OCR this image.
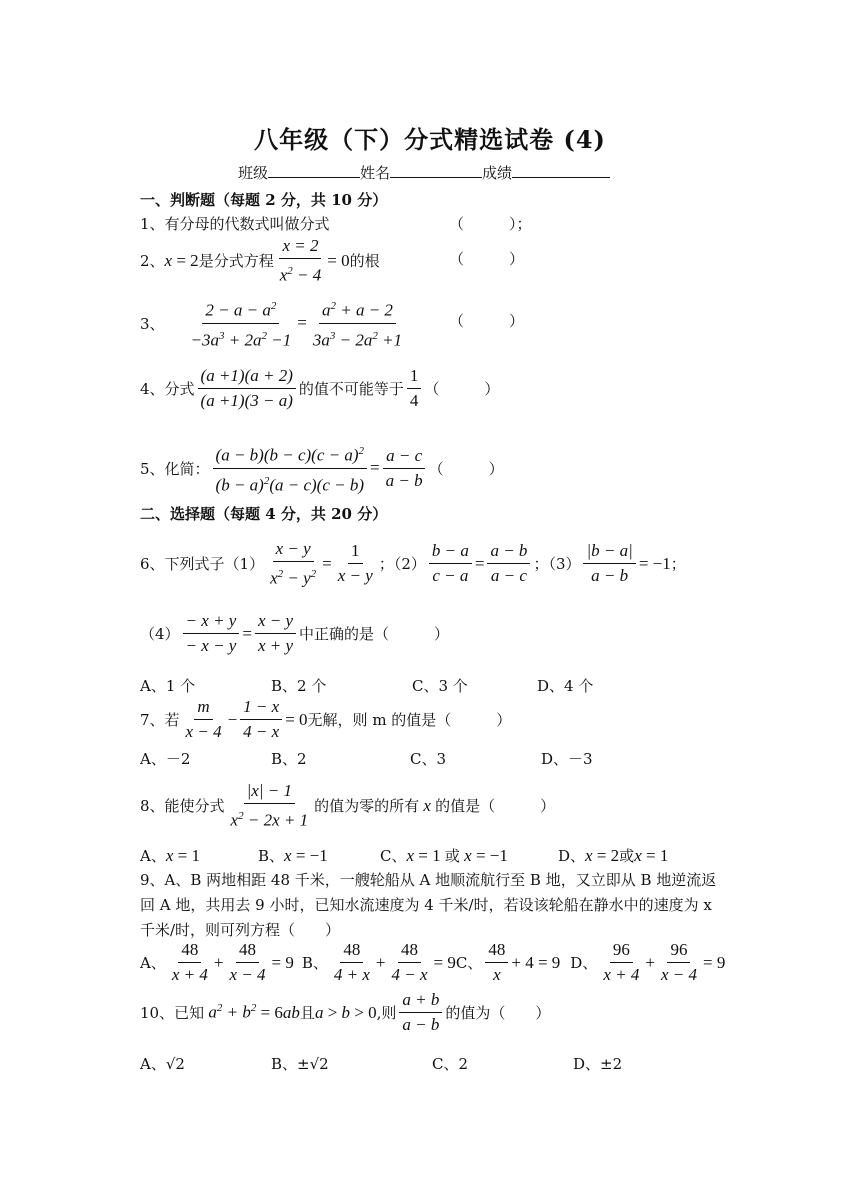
八年级（下）分式精选试卷 (4)
班级	姓名	成绩
一、判断题（每题 2 分，共 10 分）
1、有分母的代数式叫做分式	（　　　）；
2、 x = 2 是分式方程 $\frac{x = 2}{x^2 - 4} = 0$ 的根	（　　　）
3、 $\frac{2 - a - a^2}{-3a^3 + 2a^2 -1} = \frac{a^2 + a - 2}{3a^3 - 2a^2 +1}$	（　　　）
4、分式 $\frac{(a +1)(a + 2)}{(a +1)(3 - a)}$ 的值不可能等于 $\frac{1}{4}$ （　　　）
5、化简： $\frac{(a - b)(b - c)(c - a)^2}{(b - a)^2(a - c)(c - b)} = \frac{a - c}{a - b}$ （　　　）
二、选择题（每题 4 分，共 20 分）
6、下列式子$(1) \frac{x - y}{x^2 - y^2} = \frac{1}{x - y}$ ；$(2) \frac{b - a}{c - a} = \frac{a - b}{a - c}$ ；$(3) \frac{|b - a|}{a - b} = -1$ ；
$(4) \frac{- x + y}{- x - y} = \frac{x - y}{x + y}$ 中正确的是（　　　）
A、1 个	B、2 个	C、3 个	D、4 个
7、若 $\frac{m}{x - 4} - \frac{1 - x}{4 - x} = 0$ 无解，则 m 的值是（　　　）
A、－2	B、2	C、3	D、－3
8、能使分式 $\frac{|x| - 1}{x^2 - 2x + 1}$ 的值为零的所有 x 的值是（　　　）
A、x = 1	B、x = −1	C、x = 1 或 x = −1	D、x = 2或x = 1
9、A、B 两地相距 48 千米，一艘轮船从 A 地顺流航行至 B 地，又立即从 B 地逆流返回 A 地，共用去 9 小时，已知水流速度为 4 千米/时，若设该轮船在静水中的速度为 x 千米/时，则可列方程（　　）
A、 $\frac{48}{x + 4} + \frac{48}{x - 4} = 9$ B、 $\frac{48}{4 + x} + \frac{48}{4 - x} = 9$ C、 $\frac{48}{x} + 4 = 9$ D、 $\frac{96}{x + 4} + \frac{96}{x - 4} = 9$
10、已知 $a^2 + b^2 = 6$ ab 且 a > b > 0 ,则 $\frac{a + b}{a - b}$ 的值为（　　）
A、√2	B、±√2	C、2	D、±2
